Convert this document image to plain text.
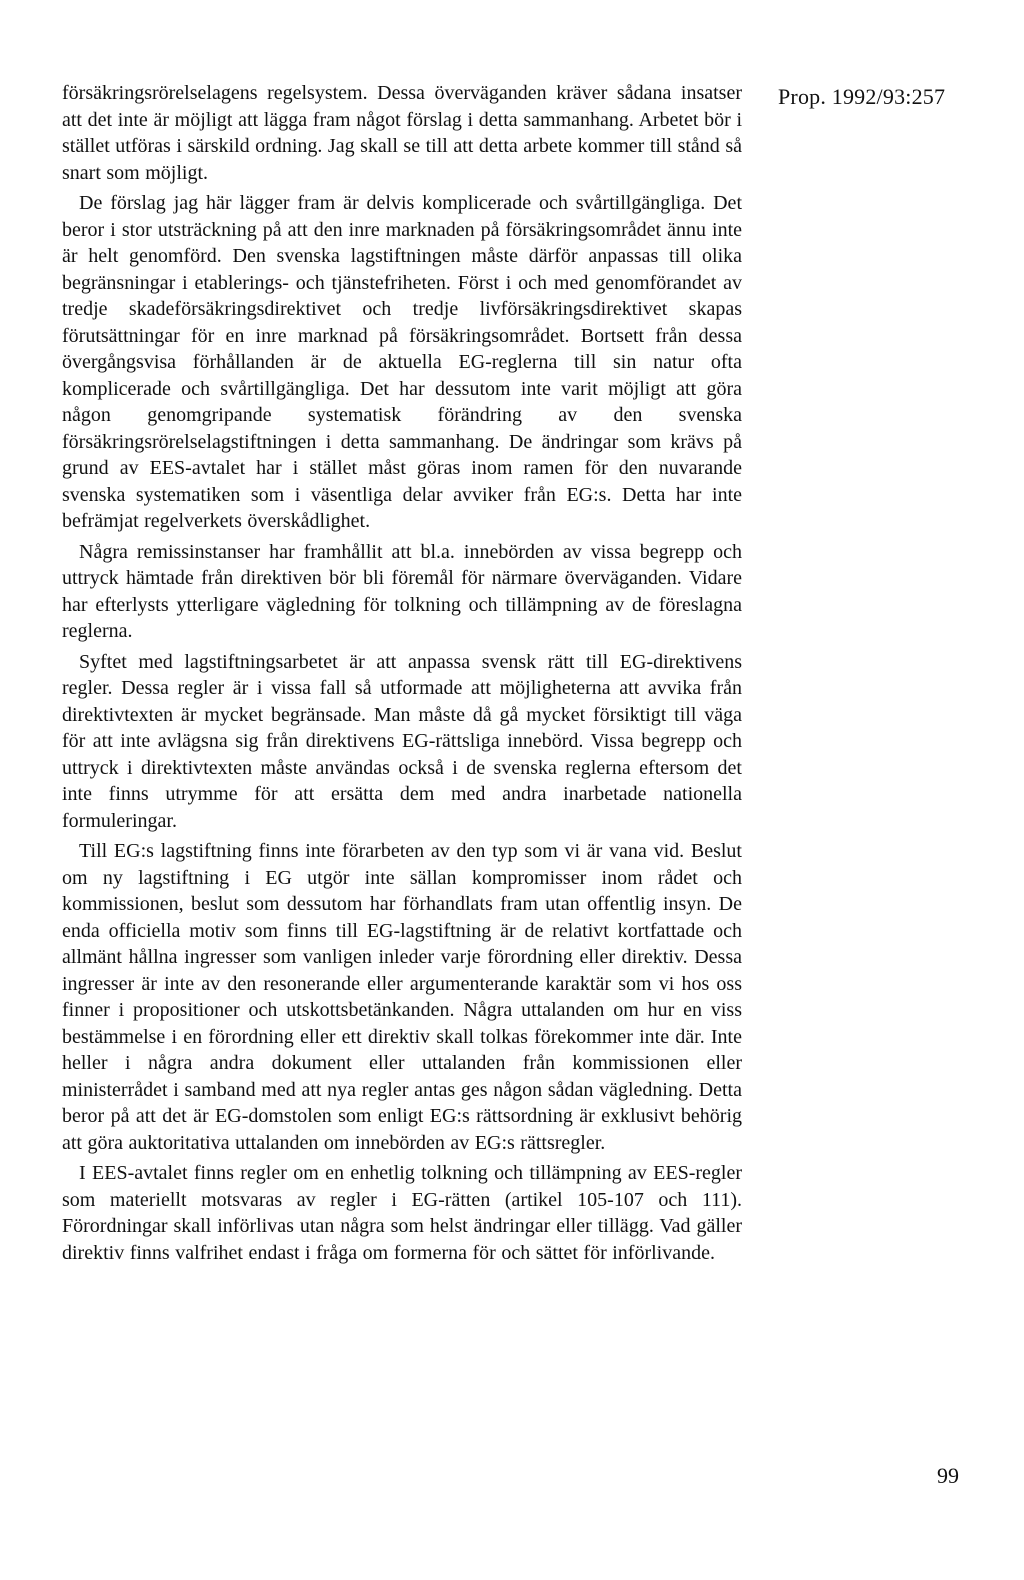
Prop. 1992/93:257

försäkringsrörelselagens regelsystem. Dessa överväganden kräver sådana insatser att det inte är möjligt att lägga fram något förslag i detta sammanhang. Arbetet bör i stället utföras i särskild ordning. Jag skall se till att detta arbete kommer till stånd så snart som möjligt.

De förslag jag här lägger fram är delvis komplicerade och svårtillgängliga. Det beror i stor utsträckning på att den inre marknaden på försäkringsområdet ännu inte är helt genomförd. Den svenska lagstiftningen måste därför anpassas till olika begränsningar i etablerings- och tjänstefriheten. Först i och med genomförandet av tredje skadeförsäkringsdirektivet och tredje livförsäkringsdirektivet skapas förutsättningar för en inre marknad på försäkringsområdet. Bortsett från dessa övergångsvisa förhållanden är de aktuella EG-reglerna till sin natur ofta komplicerade och svårtillgängliga. Det har dessutom inte varit möjligt att göra någon genomgripande systematisk förändring av den svenska försäkringsrörelselagstiftningen i detta sammanhang. De ändringar som krävs på grund av EES-avtalet har i stället måst göras inom ramen för den nuvarande svenska systematiken som i väsentliga delar avviker från EG:s. Detta har inte befrämjat regelverkets överskådlighet.

Några remissinstanser har framhållit att bl.a. innebörden av vissa begrepp och uttryck hämtade från direktiven bör bli föremål för närmare överväganden. Vidare har efterlysts ytterligare vägledning för tolkning och tillämpning av de föreslagna reglerna.

Syftet med lagstiftningsarbetet är att anpassa svensk rätt till EG-direktivens regler. Dessa regler är i vissa fall så utformade att möjligheterna att avvika från direktivtexten är mycket begränsade. Man måste då gå mycket försiktigt till väga för att inte avlägsna sig från direktivens EG-rättsliga innebörd. Vissa begrepp och uttryck i direktivtexten måste användas också i de svenska reglerna eftersom det inte finns utrymme för att ersätta dem med andra inarbetade nationella formuleringar.

Till EG:s lagstiftning finns inte förarbeten av den typ som vi är vana vid. Beslut om ny lagstiftning i EG utgör inte sällan kompromisser inom rådet och kommissionen, beslut som dessutom har förhandlats fram utan offentlig insyn. De enda officiella motiv som finns till EG-lagstiftning är de relativt kortfattade och allmänt hållna ingresser som vanligen inleder varje förordning eller direktiv. Dessa ingresser är inte av den resonerande eller argumenterande karaktär som vi hos oss finner i propositioner och utskottsbetänkanden. Några uttalanden om hur en viss bestämmelse i en förordning eller ett direktiv skall tolkas förekommer inte där. Inte heller i några andra dokument eller uttalanden från kommissionen eller ministerrådet i samband med att nya regler antas ges någon sådan vägledning. Detta beror på att det är EG-domstolen som enligt EG:s rättsordning är exklusivt behörig att göra auktoritativa uttalanden om innebörden av EG:s rättsregler.

I EES-avtalet finns regler om en enhetlig tolkning och tillämpning av EES-regler som materiellt motsvaras av regler i EG-rätten (artikel 105-107 och 111). Förordningar skall införlivas utan några som helst ändringar eller tillägg. Vad gäller direktiv finns valfrihet endast i fråga om formerna för och sättet för införlivande.

99
